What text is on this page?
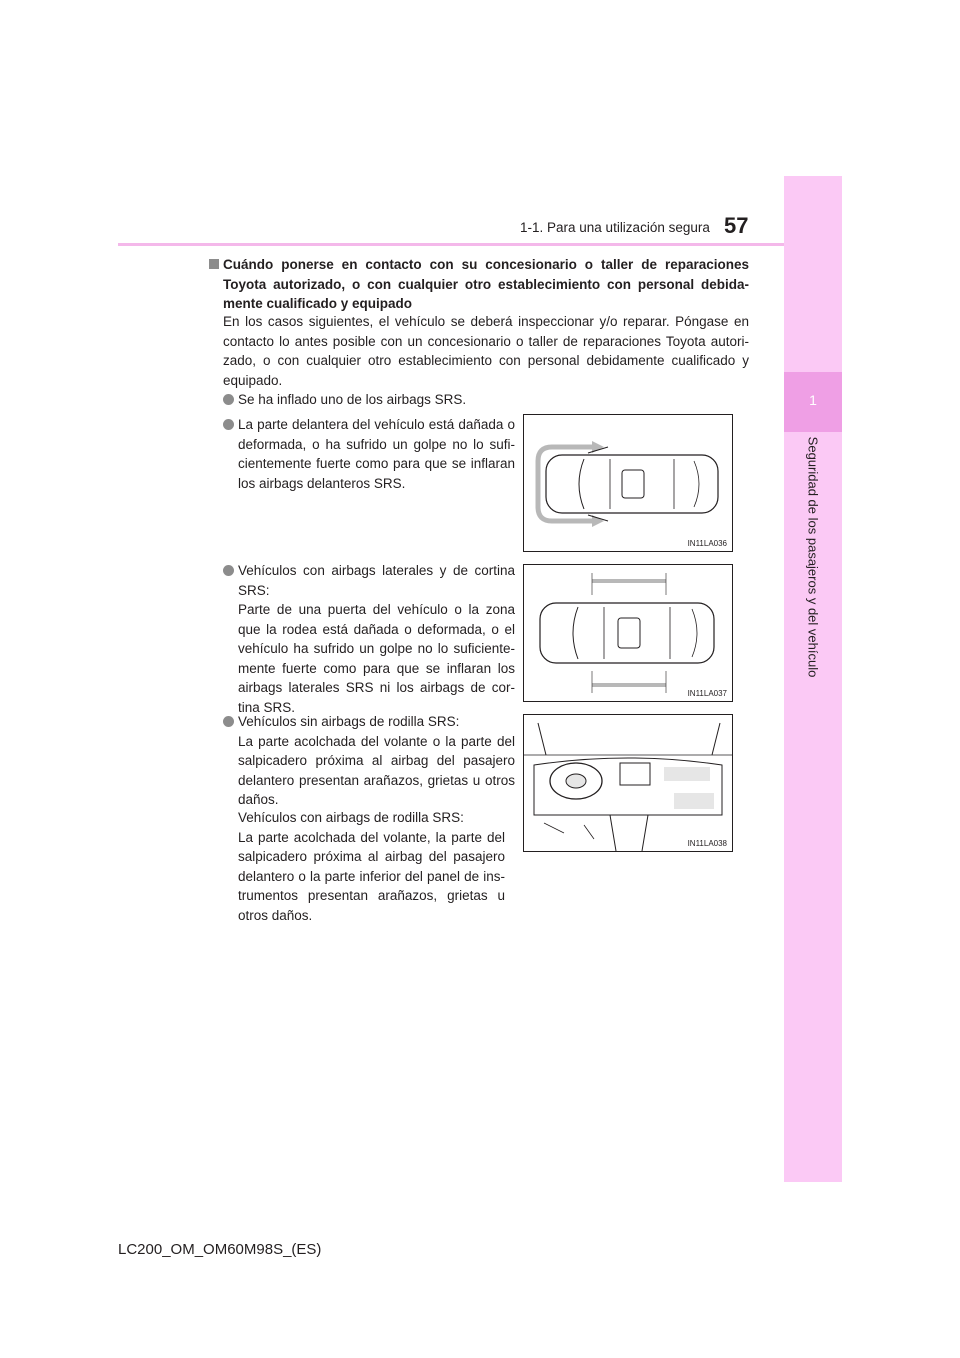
1-1. Para una utilización segura 57
1
Seguridad de los pasajeros y del vehículo
Cuándo ponerse en contacto con su concesionario o taller de reparaciones Toyota autorizado, o con cualquier otro establecimiento con personal debida-mente cualificado y equipado
En los casos siguientes, el vehículo se deberá inspeccionar y/o reparar. Póngase en contacto lo antes posible con un concesionario o taller de reparaciones Toyota autori-zado, o con cualquier otro establecimiento con personal debidamente cualificado y equipado.
Se ha inflado uno de los airbags SRS.
La parte delantera del vehículo está dañada o deformada, o ha sufrido un golpe no lo sufi-cientemente fuerte como para que se inflaran los airbags delanteros SRS.
Vehículos con airbags laterales y de cortina SRS:
Parte de una puerta del vehículo o la zona que la rodea está dañada o deformada, o el vehículo ha sufrido un golpe no lo suficiente-mente fuerte como para que se inflaran los airbags laterales SRS ni los airbags de cor-tina SRS.
Vehículos sin airbags de rodilla SRS:
La parte acolchada del volante o la parte del salpicadero próxima al airbag del pasajero delantero presentan arañazos, grietas u otros daños.
Vehículos con airbags de rodilla SRS:
La parte acolchada del volante, la parte del salpicadero próxima al airbag del pasajero delantero o la parte inferior del panel de ins-trumentos presentan arañazos, grietas u otros daños.
IN11LA036
IN11LA037
IN11LA038
LC200_OM_OM60M98S_(ES)
